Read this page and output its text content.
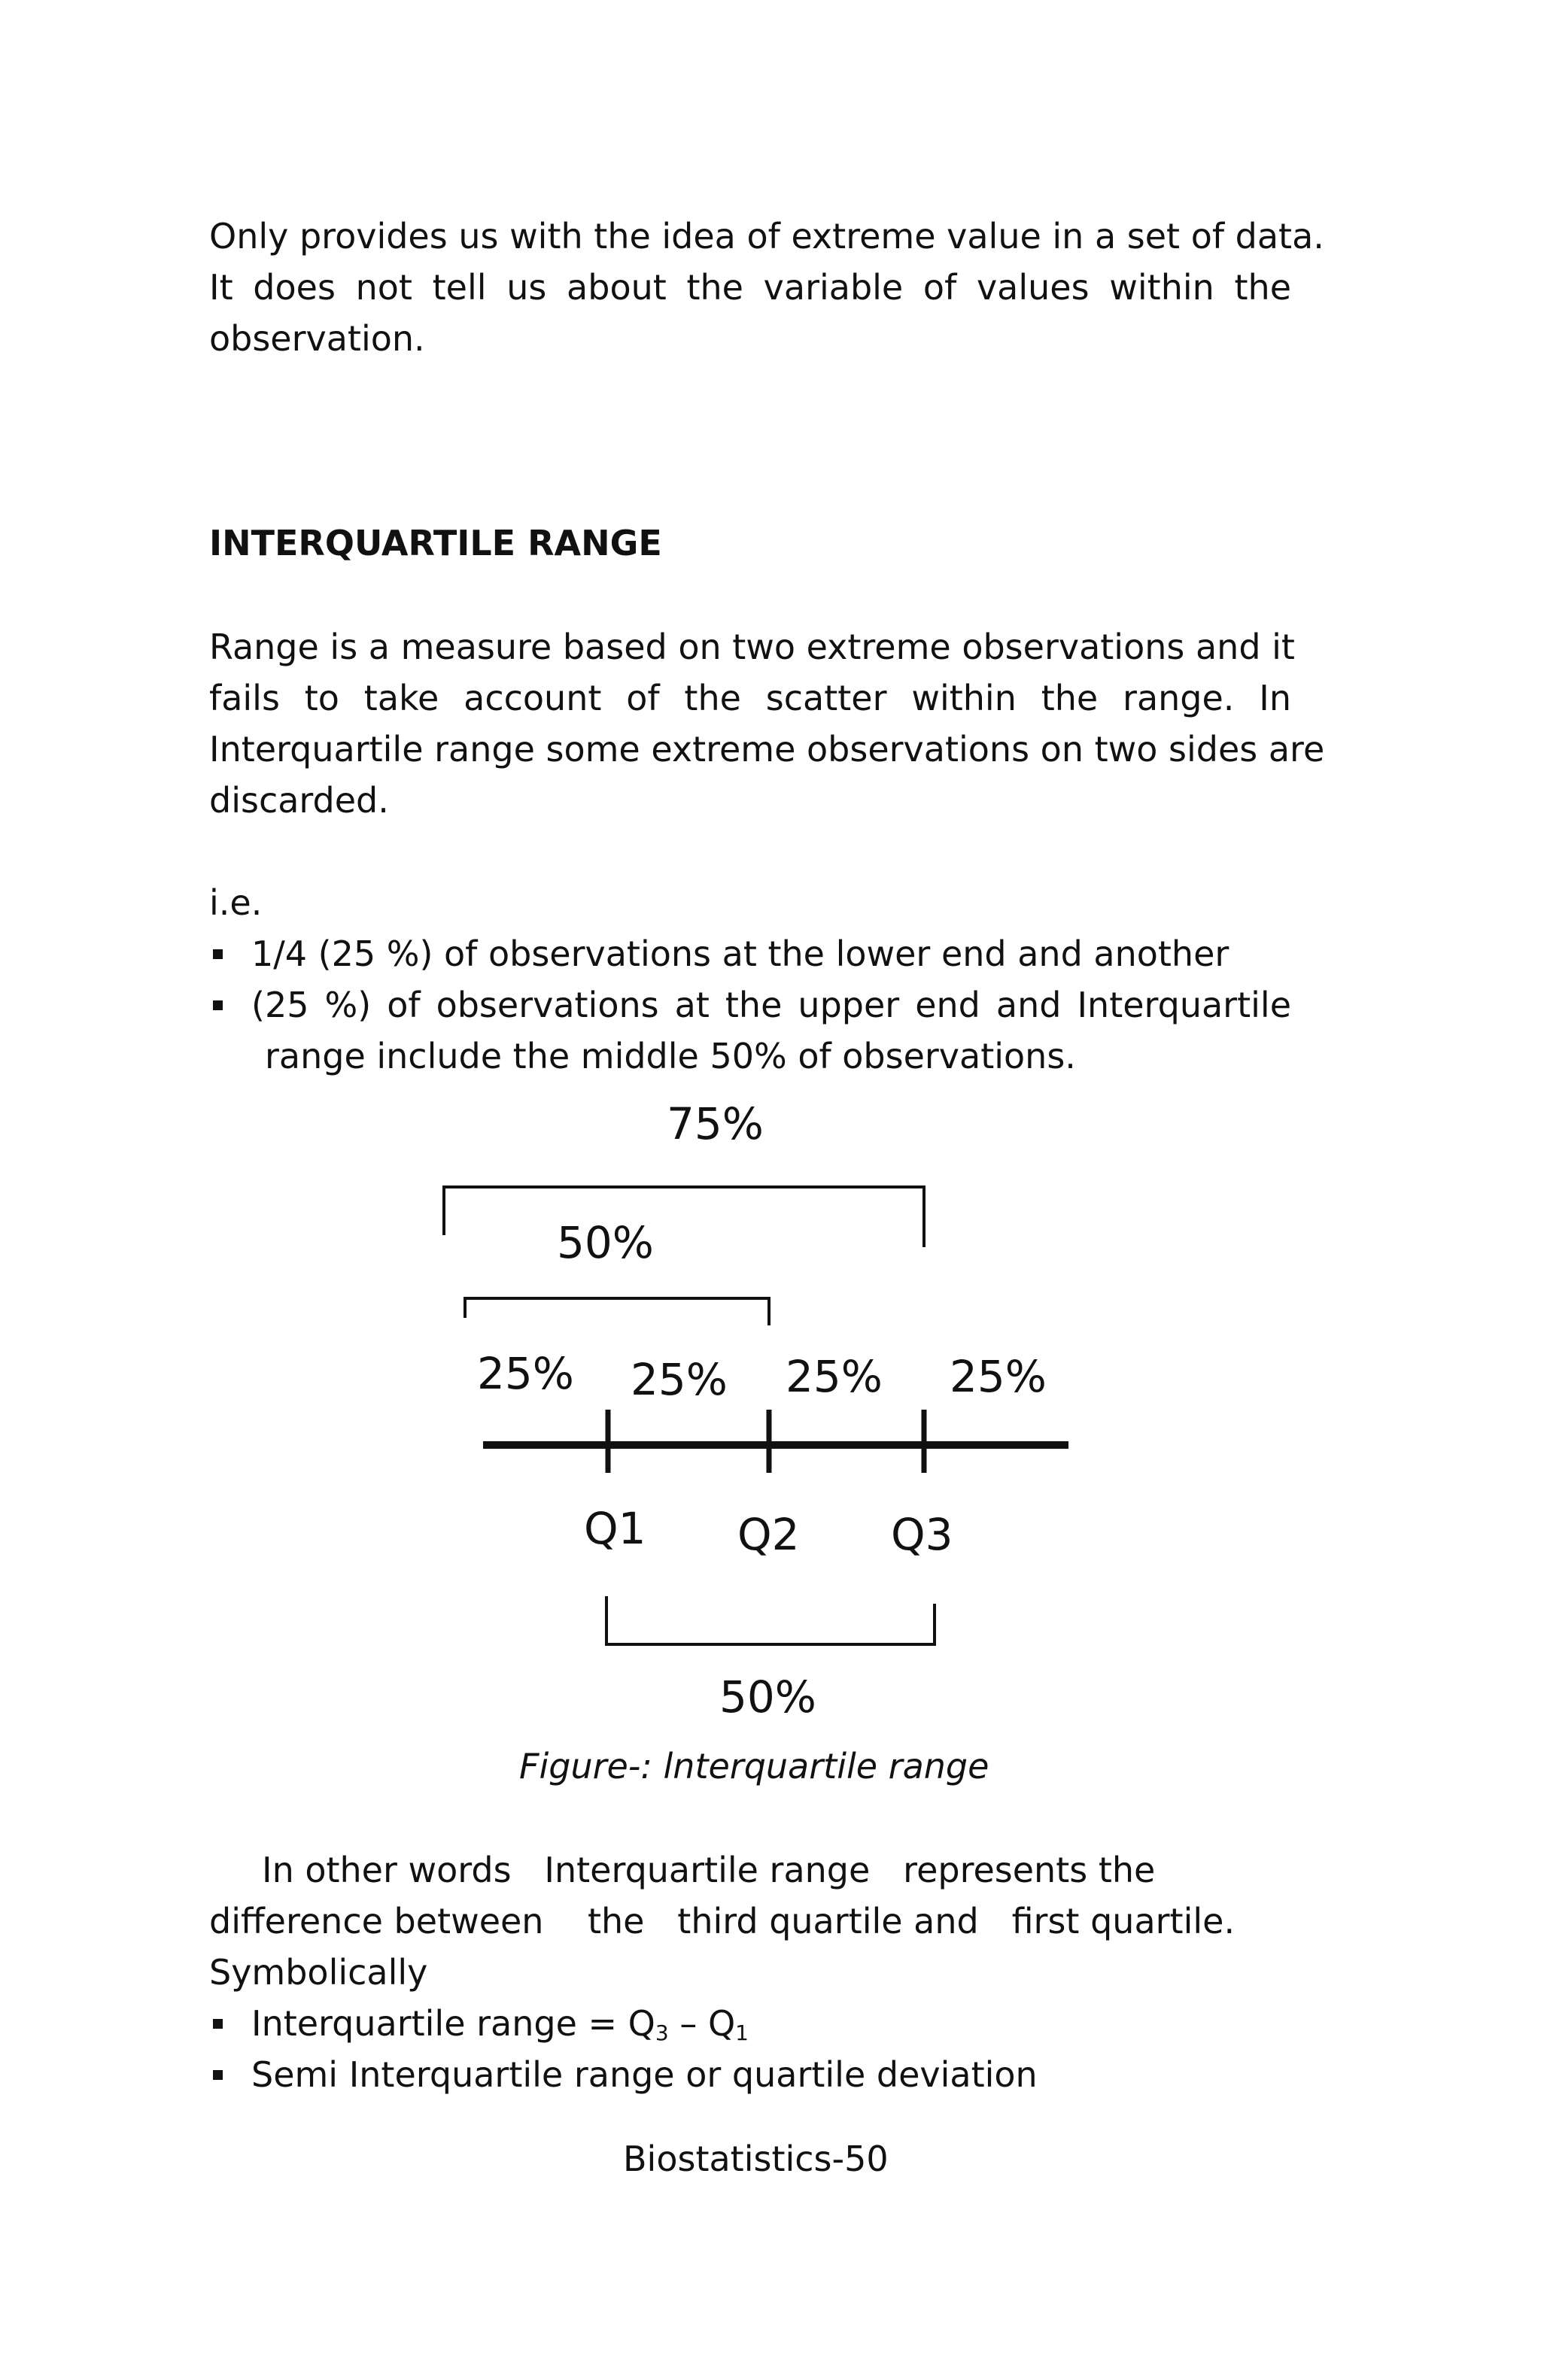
Only provides us with the idea of extreme value in a set of data.
It does not tell us about the variable of values within the
observation.
INTERQUARTILE RANGE
Range is a measure based on two extreme observations and it
fails to take account of the scatter within the range. In
Interquartile range some extreme observations on two sides are
discarded.
i.e.
1/4 (25 %) of observations at the lower end and another
(25 %) of observations at the upper end and Interquartile
range include the middle 50% of observations.
75%
50%
25% 25% 25% 25%
Q1 Q2 Q3
50%
Figure-: lnterquartile range
In other words   Interquartile range   represents the
difference between    the   third quartile and   first quartile.
Symbolically
Interquartile range = $Q_3 - Q_1$
Semi Interquartile range or quartile deviation
Biostatistics-50
